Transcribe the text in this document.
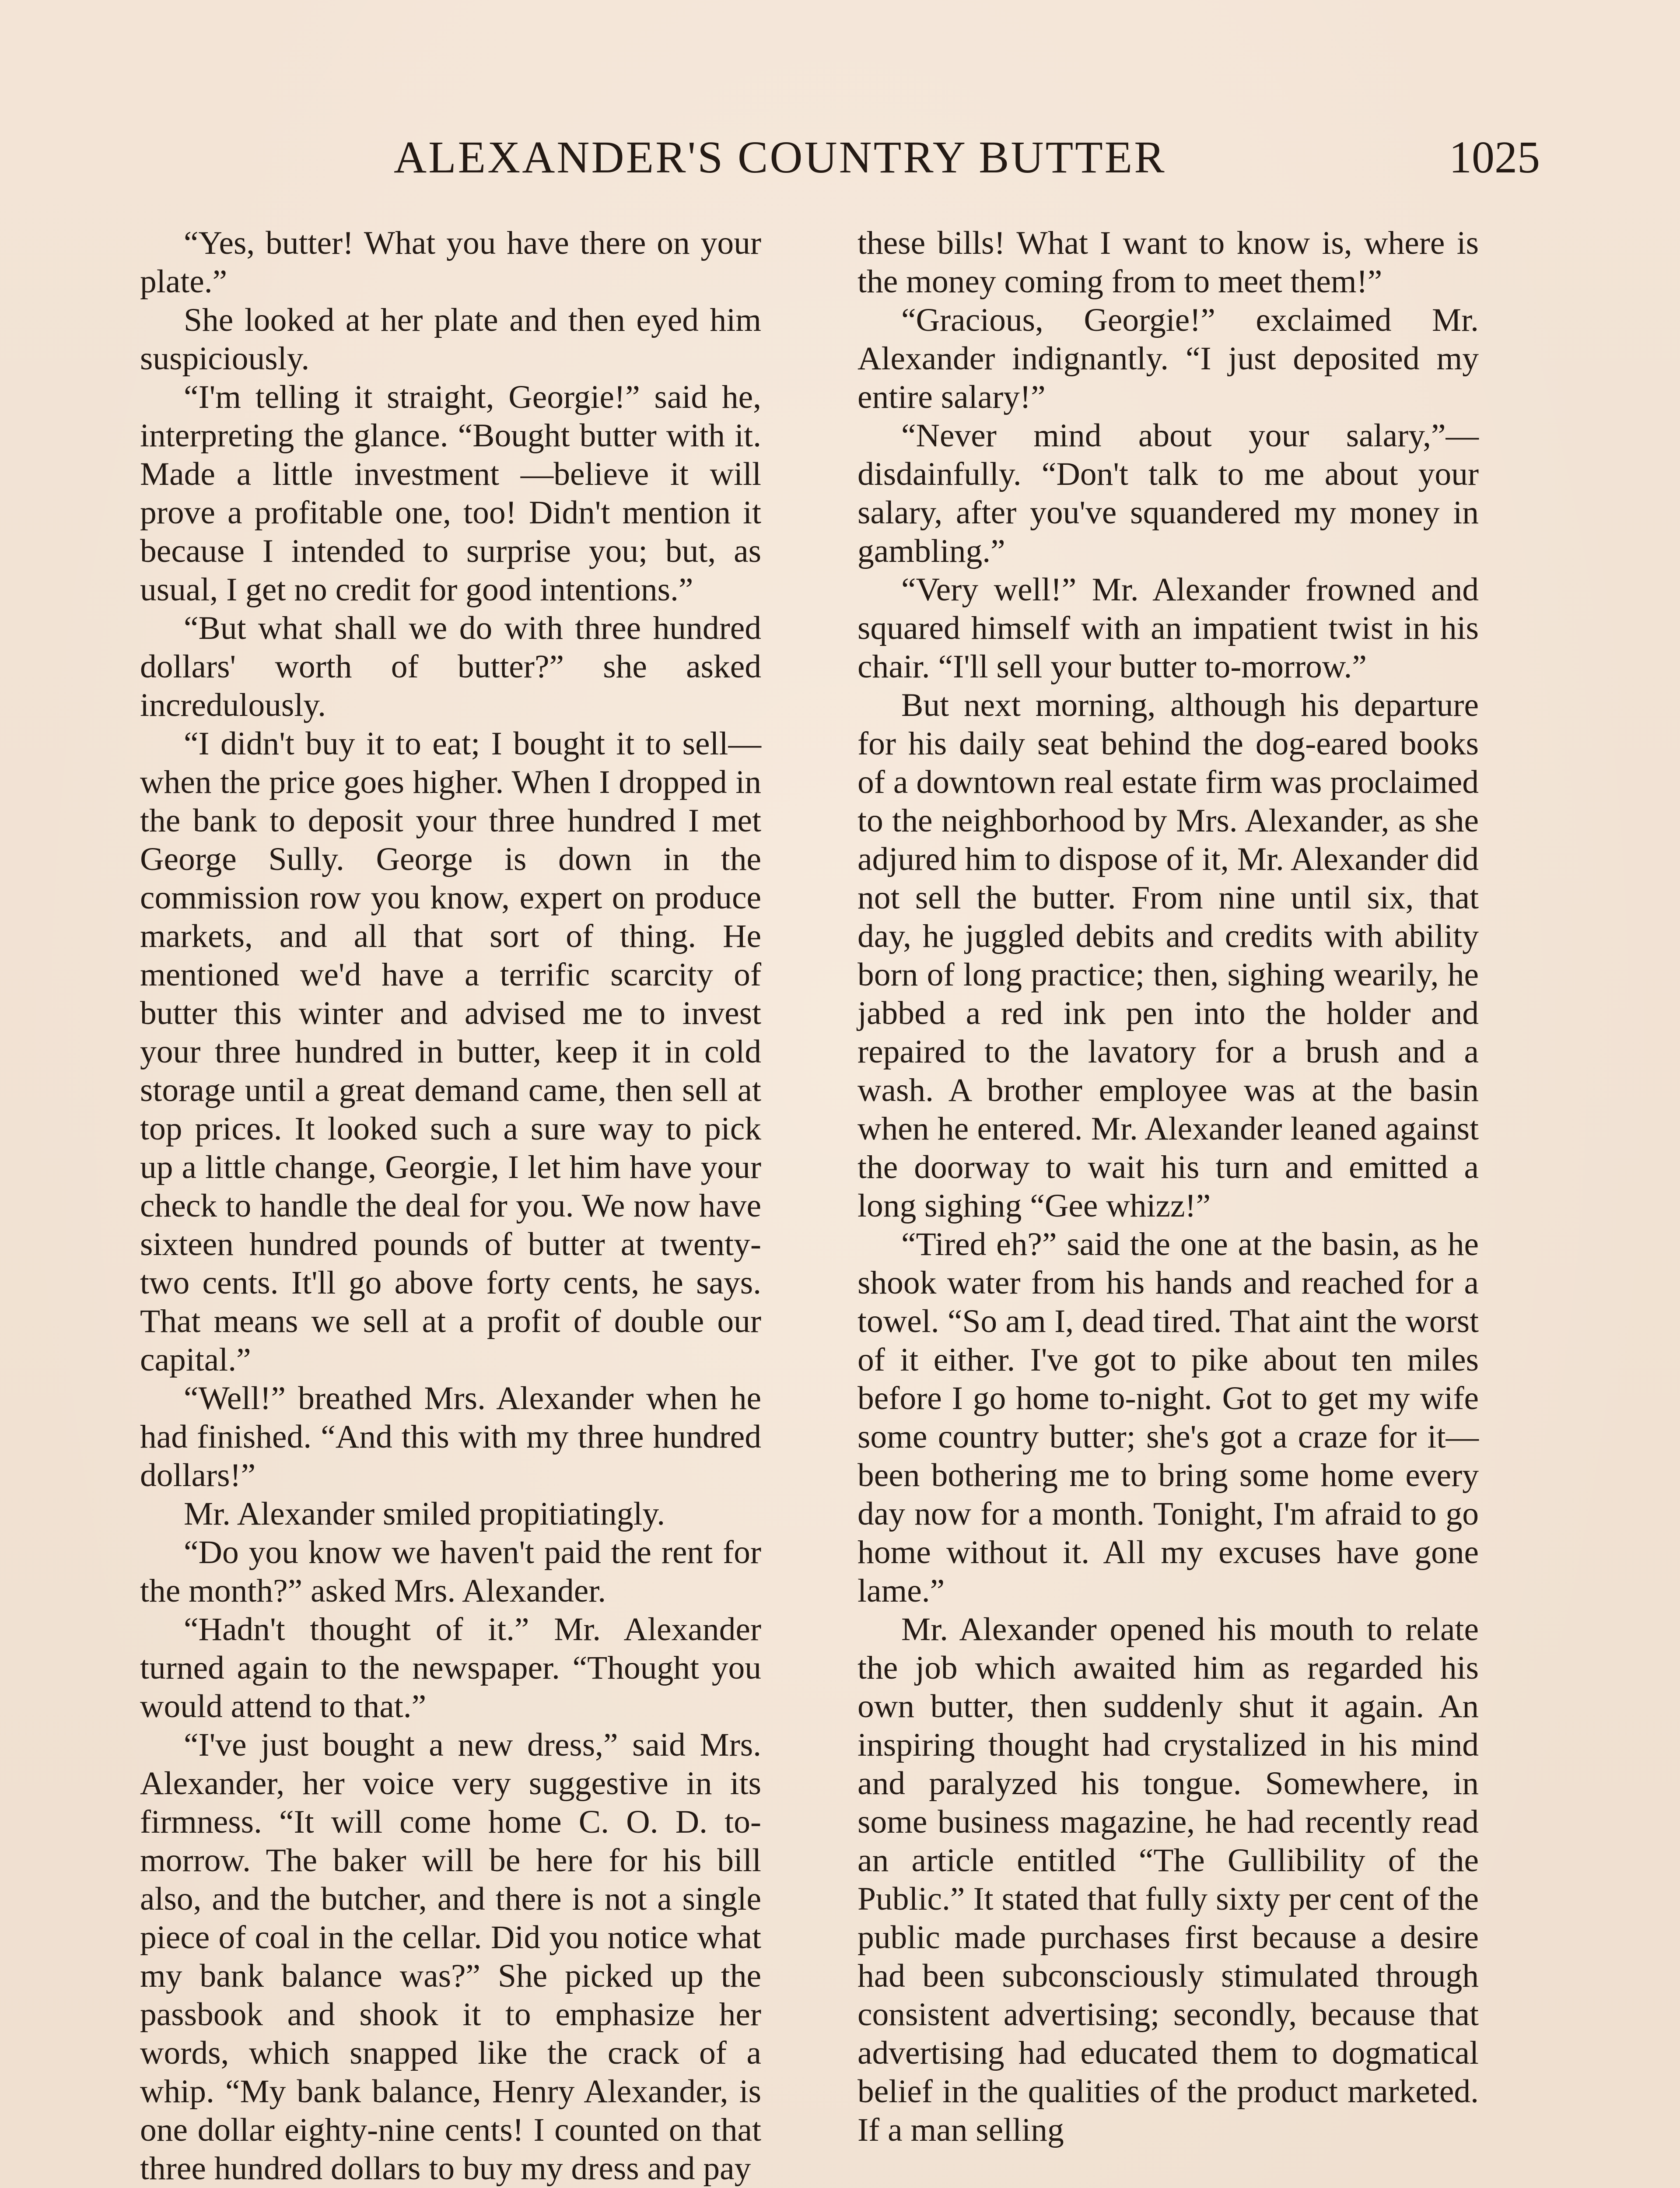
ALEXANDER'S COUNTRY BUTTER	1025

“Yes, butter! What you have there on your plate.”

She looked at her plate and then eyed him suspiciously.

“I'm telling it straight, Georgie!” said he, interpreting the glance. “Bought butter with it. Made a little investment —believe it will prove a profitable one, too! Didn't mention it because I intended to surprise you; but, as usual, I get no credit for good intentions.”

“But what shall we do with three hundred dollars' worth of butter?” she asked incredulously.

“I didn't buy it to eat; I bought it to sell—when the price goes higher. When I dropped in the bank to deposit your three hundred I met George Sully. George is down in the commission row you know, expert on produce markets, and all that sort of thing. He mentioned we'd have a terrific scarcity of butter this winter and advised me to invest your three hundred in butter, keep it in cold storage until a great demand came, then sell at top prices. It looked such a sure way to pick up a little change, Georgie, I let him have your check to handle the deal for you. We now have sixteen hundred pounds of butter at twenty-two cents. It'll go above forty cents, he says. That means we sell at a profit of double our capital.”

“Well!” breathed Mrs. Alexander when he had finished. “And this with my three hundred dollars!”

Mr. Alexander smiled propitiatingly.

“Do you know we haven't paid the rent for the month?” asked Mrs. Alexander.

“Hadn't thought of it.” Mr. Alexander turned again to the newspaper. “Thought you would attend to that.”

“I've just bought a new dress,” said Mrs. Alexander, her voice very suggestive in its firmness. “It will come home C. O. D. to-morrow. The baker will be here for his bill also, and the butcher, and there is not a single piece of coal in the cellar. Did you notice what my bank balance was?” She picked up the passbook and shook it to emphasize her words, which snapped like the crack of a whip. “My bank balance, Henry Alexander, is one dollar eighty-nine cents! I counted on that three hundred dollars to buy my dress and pay

these bills! What I want to know is, where is the money coming from to meet them!”

“Gracious, Georgie!” exclaimed Mr. Alexander indignantly. “I just deposited my entire salary!”

“Never mind about your salary,”—disdainfully. “Don't talk to me about your salary, after you've squandered my money in gambling.”

“Very well!” Mr. Alexander frowned and squared himself with an impatient twist in his chair. “I'll sell your butter to-morrow.”

But next morning, although his departure for his daily seat behind the dog-eared books of a downtown real estate firm was proclaimed to the neighborhood by Mrs. Alexander, as she adjured him to dispose of it, Mr. Alexander did not sell the butter. From nine until six, that day, he juggled debits and credits with ability born of long practice; then, sighing wearily, he jabbed a red ink pen into the holder and repaired to the lavatory for a brush and a wash. A brother employee was at the basin when he entered. Mr. Alexander leaned against the doorway to wait his turn and emitted a long sighing “Gee whizz!”

“Tired eh?” said the one at the basin, as he shook water from his hands and reached for a towel. “So am I, dead tired. That aint the worst of it either. I've got to pike about ten miles before I go home to-night. Got to get my wife some country butter; she's got a craze for it—been bothering me to bring some home every day now for a month. Tonight, I'm afraid to go home without it. All my excuses have gone lame.”

Mr. Alexander opened his mouth to relate the job which awaited him as regarded his own butter, then suddenly shut it again. An inspiring thought had crystalized in his mind and paralyzed his tongue. Somewhere, in some business magazine, he had recently read an article entitled “The Gullibility of the Public.” It stated that fully sixty per cent of the public made purchases first because a desire had been subconsciously stimulated through consistent advertising; secondly, because that advertising had educated them to dogmatical belief in the qualities of the product marketed. If a man selling
